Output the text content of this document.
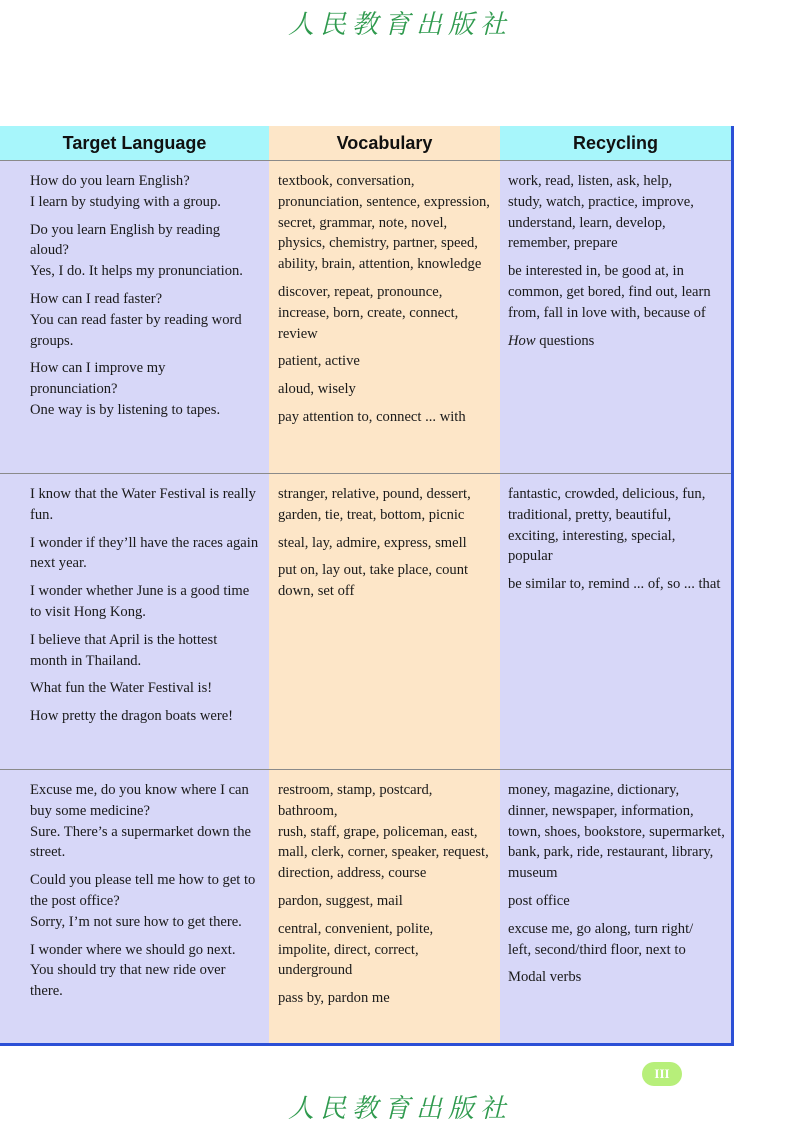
人民教育出版社
Target Language	Vocabulary	Recycling
How do you learn English?
I learn by studying with a group.
Do you learn English by reading
aloud?
Yes, I do. It helps my pronunciation.
How can I read faster?
You can read faster by reading word
groups.
How can I improve my
pronunciation?
One way is by listening to tapes.
textbook, conversation,
pronunciation, sentence, expression,
secret, grammar, note, novel,
physics, chemistry, partner, speed,
ability, brain, attention, knowledge
discover, repeat, pronounce,
increase, born, create, connect,
review
patient, active
aloud, wisely
pay attention to, connect ... with
work, read, listen, ask, help,
study, watch, practice, improve,
understand, learn, develop,
remember, prepare
be interested in, be good at, in
common, get bored, find out, learn
from, fall in love with, because of
How questions
I know that the Water Festival is really
fun.
I wonder if they’ll have the races again
next year.
I wonder whether June is a good time
to visit Hong Kong.
I believe that April is the hottest
month in Thailand.
What fun the Water Festival is!
How pretty the dragon boats were!
stranger, relative, pound, dessert,
garden, tie, treat, bottom, picnic
steal, lay, admire, express, smell
put on, lay out, take place, count
down, set off
fantastic, crowded, delicious, fun,
traditional, pretty, beautiful,
exciting, interesting, special,
popular
be similar to, remind ... of, so ... that
Excuse me, do you know where I can
buy some medicine?
Sure. There’s a supermarket down the
street.
Could you please tell me how to get to
the post office?
Sorry, I’m not sure how to get there.
I wonder where we should go next.
You should try that new ride over
there.
restroom, stamp, postcard, bathroom,
rush, staff, grape, policeman, east,
mall, clerk, corner, speaker, request,
direction, address, course
pardon, suggest, mail
central, convenient, polite,
impolite, direct, correct,
underground
pass by, pardon me
money, magazine, dictionary,
dinner, newspaper, information,
town, shoes, bookstore, supermarket,
bank, park, ride, restaurant, library,
museum
post office
excuse me, go along, turn right/
left, second/third floor, next to
Modal verbs
III
人民教育出版社
